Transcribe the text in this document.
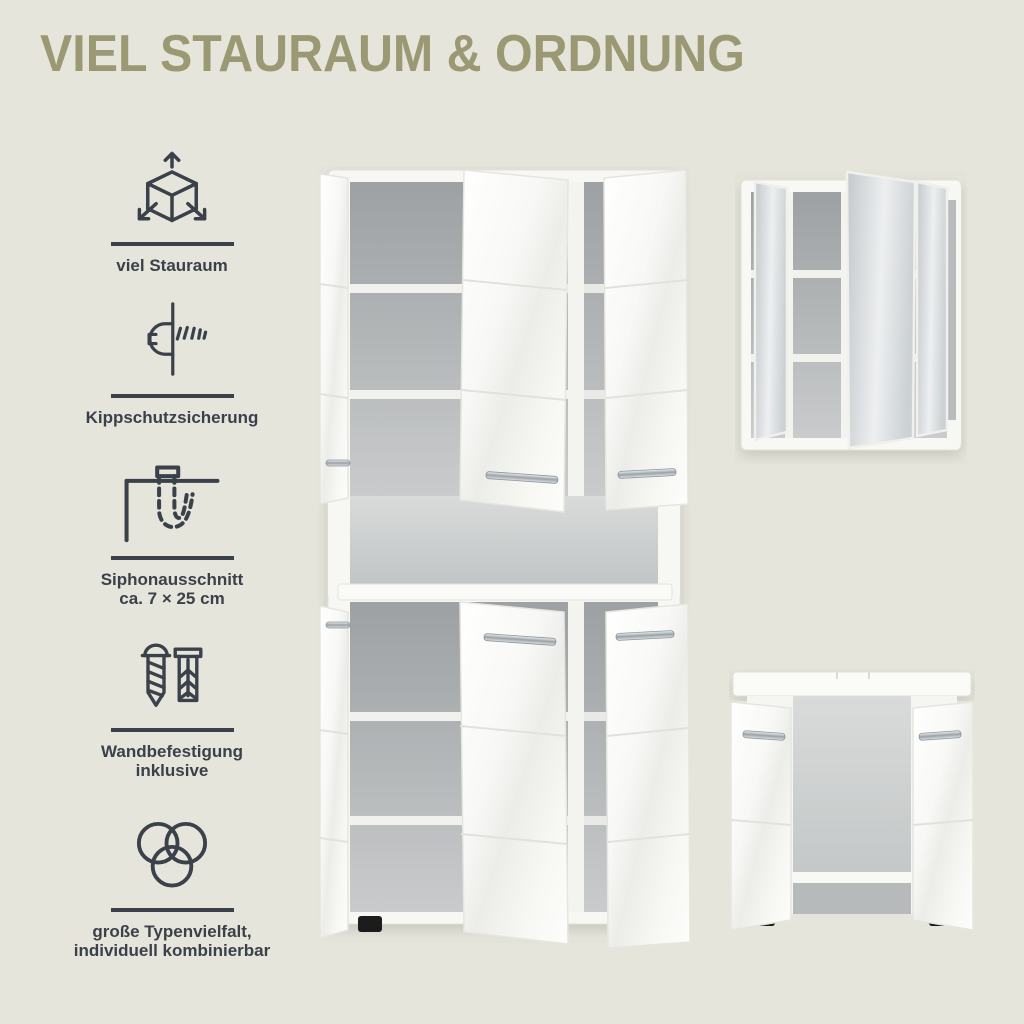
VIEL STAURAUM & ORDNUNG
viel Stauraum
Kippschutzsicherung
Siphonausschnitt
ca. 7 × 25 cm
Wandbefestigung
inklusive
große Typenvielfalt,
individuell kombinierbar
